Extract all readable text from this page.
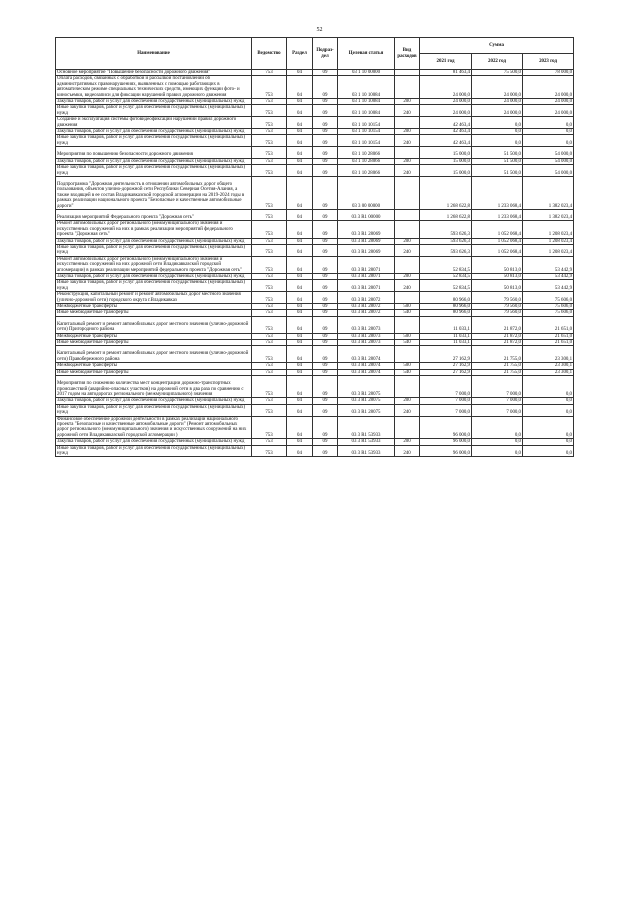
52
Наименование	Ведомство	Раздел	Подраз-
дел	Целевая статья	Вид
расходов	Сумма		
						2021 год	2022 год	2023 год
Основное мероприятие "Повышение безопасности дорожного движения"	753	04	09	03 1 10 00000		81 463,4	75 500,0	78 000,0
Оплата расходов, связанных с обработкой и рассылкой постановлений об административных правонарушениях, выявленных с помощью работающих в автоматическом режиме специальных технических средств, имеющих функции фото- и киносъемки, видеозаписи для фиксации нарушений правил дорожного движения	753	04	09	03 1 10 10084		24 000,0	24 000,0	24 000,0
Закупка товаров, работ и услуг для обеспечения государственных (муниципальных) нужд	753	04	09	03 1 10 10084	200	24 000,0	24 000,0	24 000,0
Иные закупки товаров, работ и услуг для обеспечения государственных (муниципальных) нужд	753	04	09	03 1 10 10084	240	24 000,0	24 000,0	24 000,0
Создание и эксплуатация системы фотовидеофиксации нарушений правил дорожного движения	753	04	09	03 1 10 10154		42 463,4	0,0	0,0
Закупка товаров, работ и услуг для обеспечения государственных (муниципальных) нужд	753	04	09	03 1 10 10154	200	42 463,4	0,0	0,0
Иные закупки товаров, работ и услуг для обеспечения государственных (муниципальных) нужд	753	04	09	03 1 10 10154	240	42 463,4	0,0	0,0
Мероприятия по повышению безопасности дорожного движения	753	04	09	03 1 10 28066		15 000,0	51 500,0	54 000,0
Закупка товаров, работ и услуг для обеспечения государственных (муниципальных) нужд	753	04	09	03 1 10 28066	200	15 000,0	51 500,0	54 000,0
Иные закупки товаров, работ и услуг для обеспечения государственных (муниципальных) нужд	753	04	09	03 1 10 28066	240	15 000,0	51 500,0	54 000,0
Подпрограмма "Дорожная деятельность в отношении автомобильных дорог общего пользования, объектов улично-дорожной сети Республики Северная Осетия-Алания, а также входящей в ее состав Владикавказской городской агломерации на 2019-2024 годы в рамках реализации национального проекта "Безопасные и качественные автомобильные дороги"	753	04	09	03 3 00 00000		1 268 622,8	1 233 068,4	1 382 023,4
Реализация мероприятий Федерального проекта "Дорожная сеть"	753	04	09	03 3 R1 00000		1 268 622,8	1 233 068,4	1 382 023,4
Ремонт автомобильных дорог регионального (межмуниципального) значения и искусственных сооружений на них в рамках реализации мероприятий федерального проекта "Дорожная сеть"	753	04	09	03 3 R1 28069		593 626,3	1 052 068,4	1 208 023,4
Закупка товаров, работ и услуг для обеспечения государственных (муниципальных) нужд	753	04	09	03 3 R1 28069	200	593 626,3	1 052 068,4	1 208 023,4
Иные закупки товаров, работ и услуг для обеспечения государственных (муниципальных) нужд	753	04	09	03 3 R1 28069	240	593 626,3	1 052 068,4	1 208 023,4
Ремонт автомобильных дорог регионального (межмуниципального) значения и искусственных сооружений на них дорожной сети Владикавказской городской агломерации) в рамках реализации мероприятий федерального проекта "Дорожная сеть"	753	04	09	03 3 R1 28071		52 834,5	50 813,0	53 442,9
Закупка товаров, работ и услуг для обеспечения государственных (муниципальных) нужд	753	04	09	03 3 R1 28071	200	52 834,5	50 813,0	53 442,9
Иные закупки товаров, работ и услуг для обеспечения государственных (муниципальных) нужд	753	04	09	03 3 R1 28071	240	52 834,5	50 813,0	53 442,9
Реконструкция, капитальный ремонт и ремонт автомобильных дорог местного значения (улично-дорожной сети) городского округа г.Владикавказ	753	04	09	03 3 R1 28072		80 966,0	79 560,0	75 606,0
Межбюджетные трансферты	753	04	09	03 3 R1 28072	500	80 966,0	79 560,0	75 606,0
Иные межбюджетные трансферты	753	04	09	03 3 R1 28072	540	80 966,0	79 560,0	75 606,0
Капитальный ремонт и ремонт автомобильных дорог местного значения (улично-дорожной сети) Пригородного района	753	04	09	03 3 R1 28073		11 033,1	21 872,0	21 651,0
Межбюджетные трансферты	753	04	09	03 3 R1 28073	500	11 033,1	21 872,0	21 651,0
Иные межбюджетные трансферты	753	04	09	03 3 R1 28073	540	11 033,1	21 872,0	21 651,0
Капитальный ремонт и ремонт автомобильных дорог местного значения (улично-дорожной сети) Правобережного района	753	04	09	03 3 R1 28074		27 162,9	21 755,0	23 300,1
Межбюджетные трансферты	753	04	09	03 3 R1 28074	500	27 162,9	21 755,0	23 300,1
Иные межбюджетные трансферты	753	04	09	03 3 R1 28074	540	27 162,9	21 755,0	23 300,1
Мероприятия по снижению количества мест концентрации дорожно-транспортных происшествий (аварийно-опасных участков) на дорожной сети в два раза по сравнению с 2017 годом на автодорогах регионального (межмуниципального) значения	753	04	09	03 3 R1 28075		7 000,0	7 000,0	0,0
Закупка товаров, работ и услуг для обеспечения государственных (муниципальных) нужд	753	04	09	03 3 R1 28075	200	7 000,0	7 000,0	0,0
Иные закупки товаров, работ и услуг для обеспечения государственных (муниципальных) нужд	753	04	09	03 3 R1 28075	240	7 000,0	7 000,0	0,0
Финансовое обеспечение дорожной деятельности в рамках реализации национального проекта "Безопасные и качественные автомобильные дороги" (Ремонт автомобильных дорог регионального (межмуниципального) значения и искусственных сооружений на них дорожной сети Владикавказской городской агломерации )	753	04	09	03 3 R1 53933		96 000,0	0,0	0,0
Закупка товаров, работ и услуг для обеспечения государственных (муниципальных) нужд	753	04	09	03 3 R1 53933	200	96 000,0	0,0	0,0
Иные закупки товаров, работ и услуг для обеспечения государственных (муниципальных) нужд	753	04	09	03 3 R1 53933	240	96 000,0	0,0	0,0
